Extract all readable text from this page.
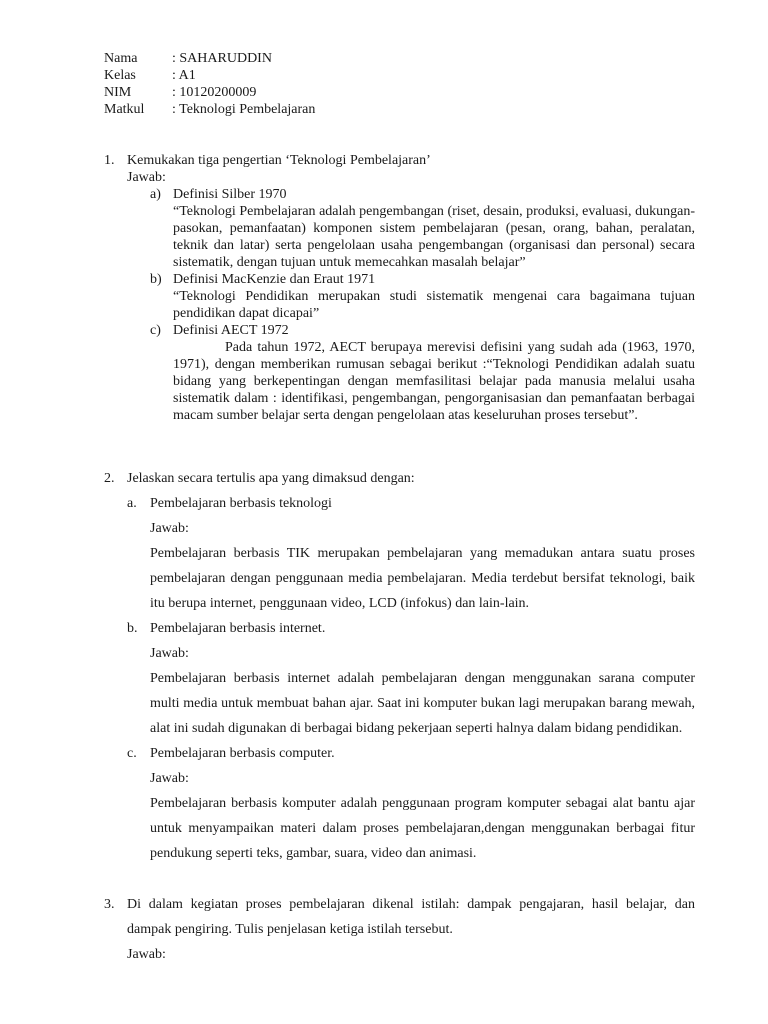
Nama	: SAHARUDDIN
Kelas	: A1
NIM	: 10120200009
Matkul	: Teknologi Pembelajaran
1. Kemukakan tiga pengertian ‘Teknologi Pembelajaran’
Jawab:
a) Definisi Silber 1970
“Teknologi Pembelajaran adalah pengembangan (riset, desain, produksi, evaluasi, dukungan-pasokan, pemanfaatan) komponen sistem pembelajaran (pesan, orang, bahan, peralatan, teknik dan latar) serta pengelolaan usaha pengembangan (organisasi dan personal) secara sistematik, dengan tujuan untuk memecahkan masalah belajar”
b) Definisi MacKenzie dan Eraut 1971
“Teknologi Pendidikan merupakan studi sistematik mengenai cara bagaimana tujuan pendidikan dapat dicapai”
c) Definisi AECT 1972
Pada tahun 1972, AECT berupaya merevisi defisini yang sudah ada (1963, 1970, 1971), dengan memberikan rumusan sebagai berikut :“Teknologi Pendidikan adalah suatu bidang yang berkepentingan dengan memfasilitasi belajar pada manusia melalui usaha sistematik dalam : identifikasi, pengembangan, pengorganisasian dan pemanfaatan berbagai macam sumber belajar serta dengan pengelolaan atas keseluruhan proses tersebut”.
2. Jelaskan secara tertulis apa yang dimaksud dengan:
a. Pembelajaran berbasis teknologi
Jawab:
Pembelajaran berbasis TIK merupakan pembelajaran yang memadukan antara suatu proses pembelajaran dengan penggunaan media pembelajaran. Media terdebut bersifat teknologi, baik itu berupa internet, penggunaan video, LCD (infokus) dan lain-lain.
b. Pembelajaran berbasis internet.
Jawab:
Pembelajaran berbasis internet adalah pembelajaran dengan menggunakan sarana computer multi media untuk membuat bahan ajar. Saat ini komputer bukan lagi merupakan barang mewah, alat ini sudah digunakan di berbagai bidang pekerjaan seperti halnya dalam bidang pendidikan.
c. Pembelajaran berbasis computer.
Jawab:
Pembelajaran berbasis komputer adalah penggunaan program komputer sebagai alat bantu ajar untuk menyampaikan materi dalam proses pembelajaran,dengan menggunakan berbagai fitur pendukung seperti teks, gambar, suara, video dan animasi.
3. Di dalam kegiatan proses pembelajaran dikenal istilah: dampak pengajaran, hasil belajar, dan dampak pengiring. Tulis penjelasan ketiga istilah tersebut.
Jawab:
